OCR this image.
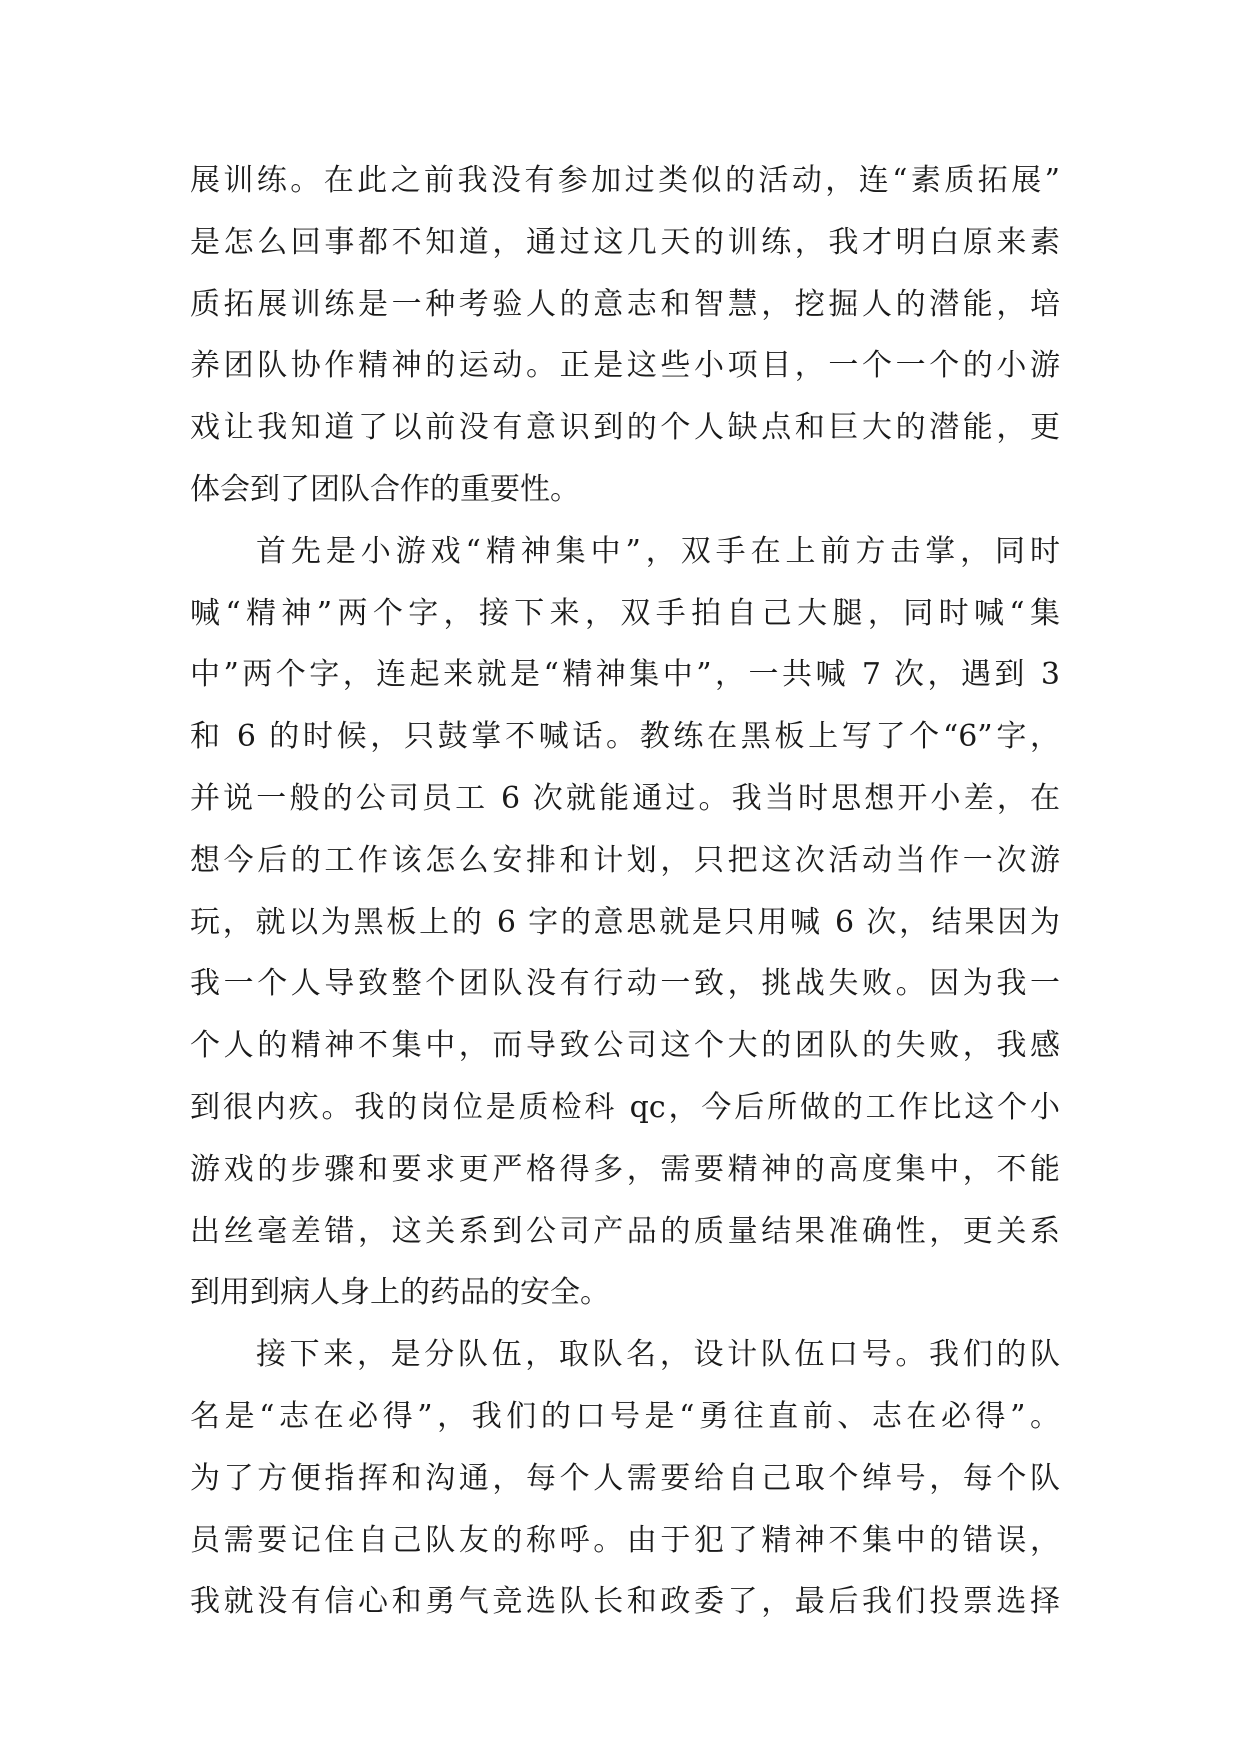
展训练。在此之前我没有参加过类似的活动，连“素质拓展”
是怎么回事都不知道，通过这几天的训练，我才明白原来素
质拓展训练是一种考验人的意志和智慧，挖掘人的潜能，培
养团队协作精神的运动。正是这些小项目，一个一个的小游
戏让我知道了以前没有意识到的个人缺点和巨大的潜能，更
体会到了团队合作的重要性。
首先是小游戏“精神集中”，双手在上前方击掌，同时
喊“精神”两个字，接下来，双手拍自己大腿，同时喊“集
中”两个字，连起来就是“精神集中”，一共喊 7 次，遇到 3
和 6 的时候，只鼓掌不喊话。教练在黑板上写了个“6”字，
并说一般的公司员工 6 次就能通过。我当时思想开小差，在
想今后的工作该怎么安排和计划，只把这次活动当作一次游
玩，就以为黑板上的 6 字的意思就是只用喊 6 次，结果因为
我一个人导致整个团队没有行动一致，挑战失败。因为我一
个人的精神不集中，而导致公司这个大的团队的失败，我感
到很内疚。我的岗位是质检科 qc，今后所做的工作比这个小
游戏的步骤和要求更严格得多，需要精神的高度集中，不能
出丝毫差错，这关系到公司产品的质量结果准确性，更关系
到用到病人身上的药品的安全。
接下来，是分队伍，取队名，设计队伍口号。我们的队
名是“志在必得”，我们的口号是“勇往直前、志在必得”。
为了方便指挥和沟通，每个人需要给自己取个绰号，每个队
员需要记住自己队友的称呼。由于犯了精神不集中的错误，
我就没有信心和勇气竞选队长和政委了，最后我们投票选择
